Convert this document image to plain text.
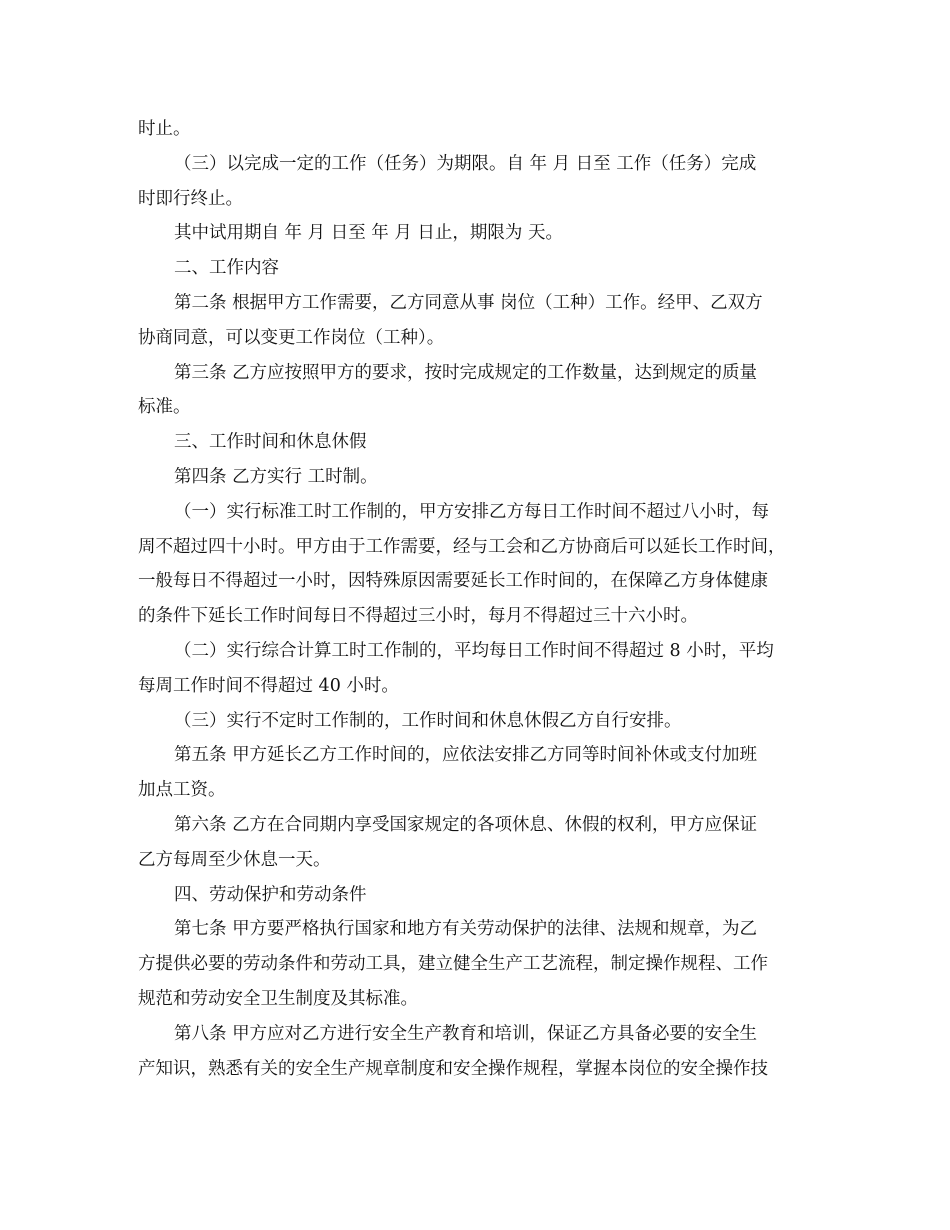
时止。
（三）以完成一定的工作（任务）为期限。自 年 月 日至 工作（任务）完成
时即行终止。
其中试用期自 年 月 日至 年 月 日止，期限为 天。
二、工作内容
第二条 根据甲方工作需要，乙方同意从事 岗位（工种）工作。经甲、乙双方
协商同意，可以变更工作岗位（工种）。
第三条 乙方应按照甲方的要求，按时完成规定的工作数量，达到规定的质量
标准。
三、工作时间和休息休假
第四条 乙方实行 工时制。
（一）实行标准工时工作制的，甲方安排乙方每日工作时间不超过八小时，每
周不超过四十小时。甲方由于工作需要，经与工会和乙方协商后可以延长工作时间，
一般每日不得超过一小时，因特殊原因需要延长工作时间的，在保障乙方身体健康
的条件下延长工作时间每日不得超过三小时，每月不得超过三十六小时。
（二）实行综合计算工时工作制的，平均每日工作时间不得超过 8 小时，平均
每周工作时间不得超过 40 小时。
（三）实行不定时工作制的，工作时间和休息休假乙方自行安排。
第五条 甲方延长乙方工作时间的，应依法安排乙方同等时间补休或支付加班
加点工资。
第六条 乙方在合同期内享受国家规定的各项休息、休假的权利，甲方应保证
乙方每周至少休息一天。
四、劳动保护和劳动条件
第七条 甲方要严格执行国家和地方有关劳动保护的法律、法规和规章，为乙
方提供必要的劳动条件和劳动工具，建立健全生产工艺流程，制定操作规程、工作
规范和劳动安全卫生制度及其标准。
第八条 甲方应对乙方进行安全生产教育和培训，保证乙方具备必要的安全生
产知识，熟悉有关的安全生产规章制度和安全操作规程，掌握本岗位的安全操作技
